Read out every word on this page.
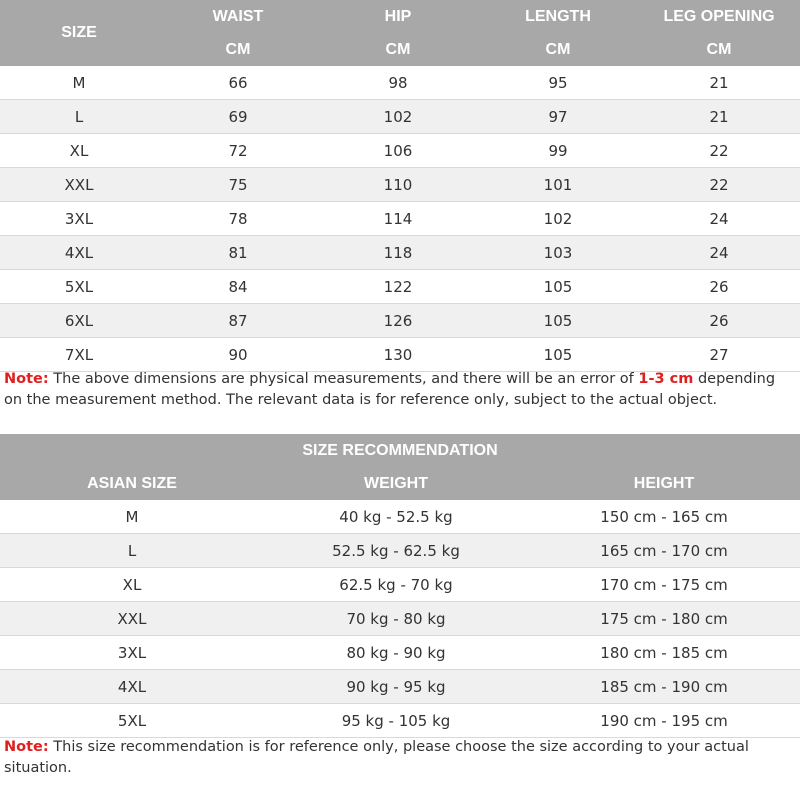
SIZE	WAIST	HIP	LENGTH	LEG OPENING
	CM	CM	CM	CM
M	66	98	95	21
L	69	102	97	21
XL	72	106	99	22
XXL	75	110	101	22
3XL	78	114	102	24
4XL	81	118	103	24
5XL	84	122	105	26
6XL	87	126	105	26
7XL	90	130	105	27
Note: The above dimensions are physical measurements, and there will be an error of 1-3 cm depending on the measurement method. The relevant data is for reference only, subject to the actual object.
SIZE RECOMMENDATION		
ASIAN SIZE	WEIGHT	HEIGHT
M	40 kg - 52.5 kg	150 cm - 165 cm
L	52.5 kg - 62.5 kg	165 cm - 170 cm
XL	62.5 kg - 70 kg	170 cm - 175 cm
XXL	70 kg - 80 kg	175 cm - 180 cm
3XL	80 kg - 90 kg	180 cm - 185 cm
4XL	90 kg - 95 kg	185 cm - 190 cm
5XL	95 kg - 105 kg	190 cm - 195 cm
Note: This size recommendation is for reference only, please choose the size according to your actual situation.
